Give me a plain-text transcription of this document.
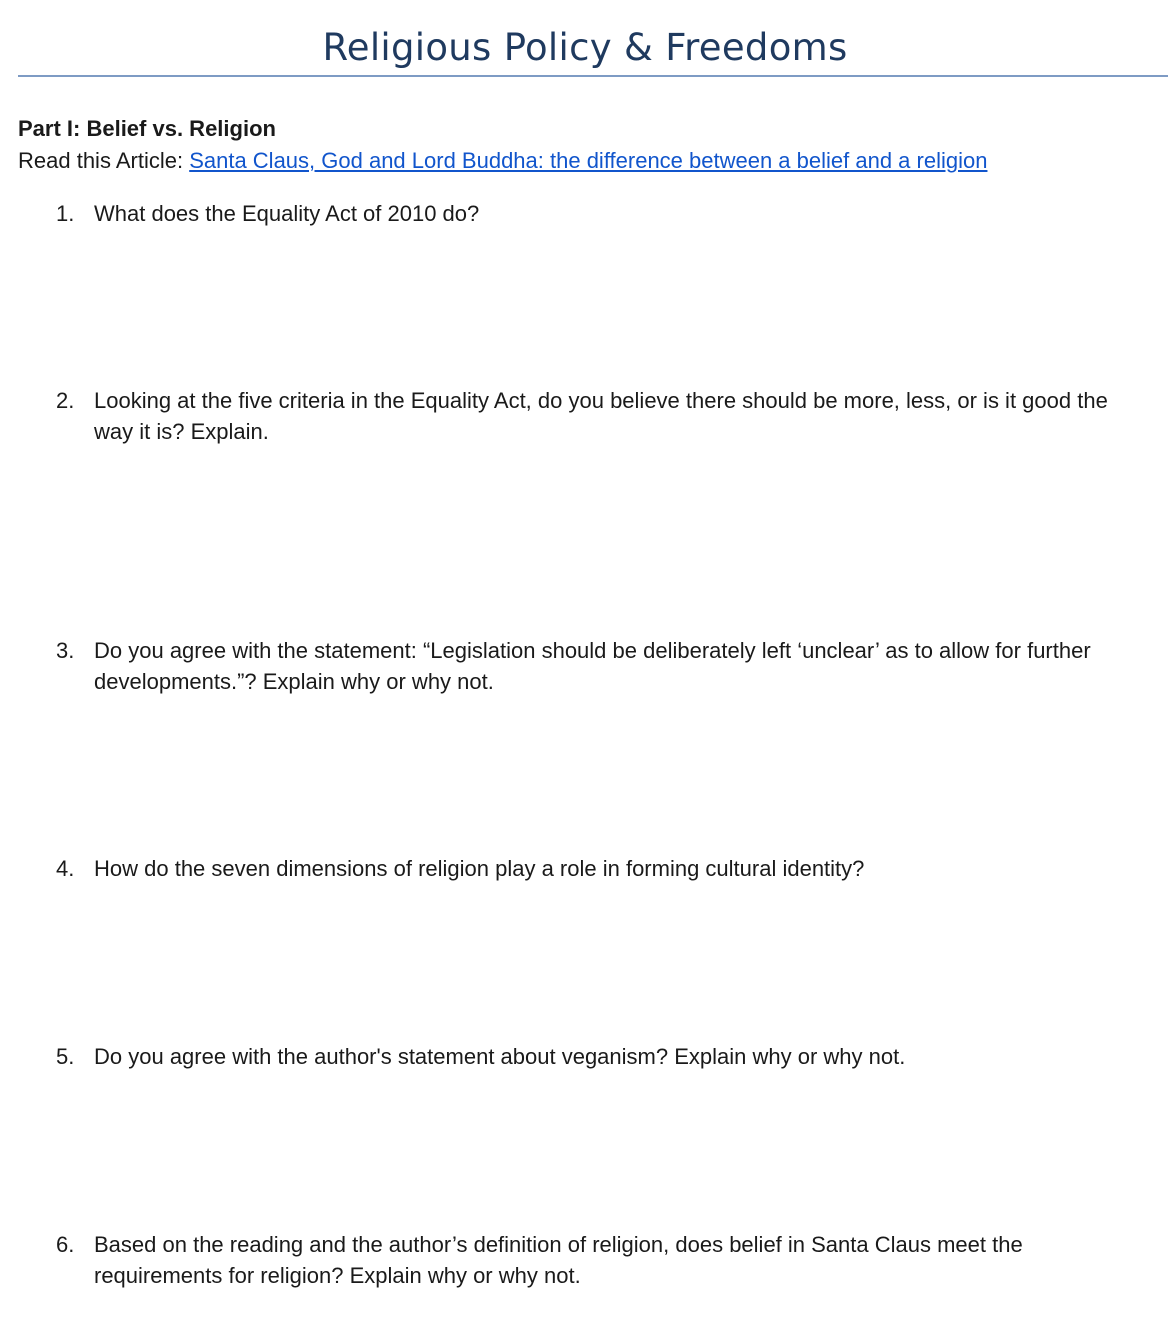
Religious Policy & Freedoms
Part I: Belief vs. Religion
Read this Article: Santa Claus, God and Lord Buddha: the difference between a belief and a religion
1. What does the Equality Act of 2010 do?
2. Looking at the five criteria in the Equality Act, do you believe there should be more, less, or is it good the way it is? Explain.
3. Do you agree with the statement: “Legislation should be deliberately left ‘unclear’ as to allow for further developments.”? Explain why or why not.
4. How do the seven dimensions of religion play a role in forming cultural identity?
5. Do you agree with the author's statement about veganism? Explain why or why not.
6. Based on the reading and the author’s definition of religion, does belief in Santa Claus meet the requirements for religion? Explain why or why not.
